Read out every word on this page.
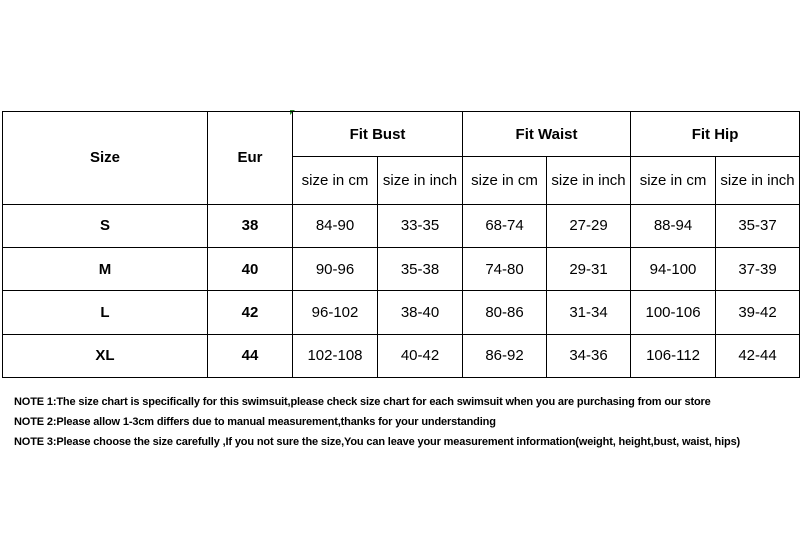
Size	Eur	Fit Bust		Fit Waist		Fit Hip	
		size in cm	size in inch	size in cm	size in inch	size in cm	size in inch
S	38	84-90	33-35	68-74	27-29	88-94	35-37
M	40	90-96	35-38	74-80	29-31	94-100	37-39
L	42	96-102	38-40	80-86	31-34	100-106	39-42
XL	44	102-108	40-42	86-92	34-36	106-112	42-44
NOTE 1:The size chart is specifically for this swimsuit,please check size chart for each swimsuit when you are purchasing from our store
NOTE 2:Please allow 1-3cm differs due to manual measurement,thanks for your understanding
NOTE 3:Please choose the size carefully ,If you not sure the size,You can leave your measurement information(weight, height,bust, waist, hips)
